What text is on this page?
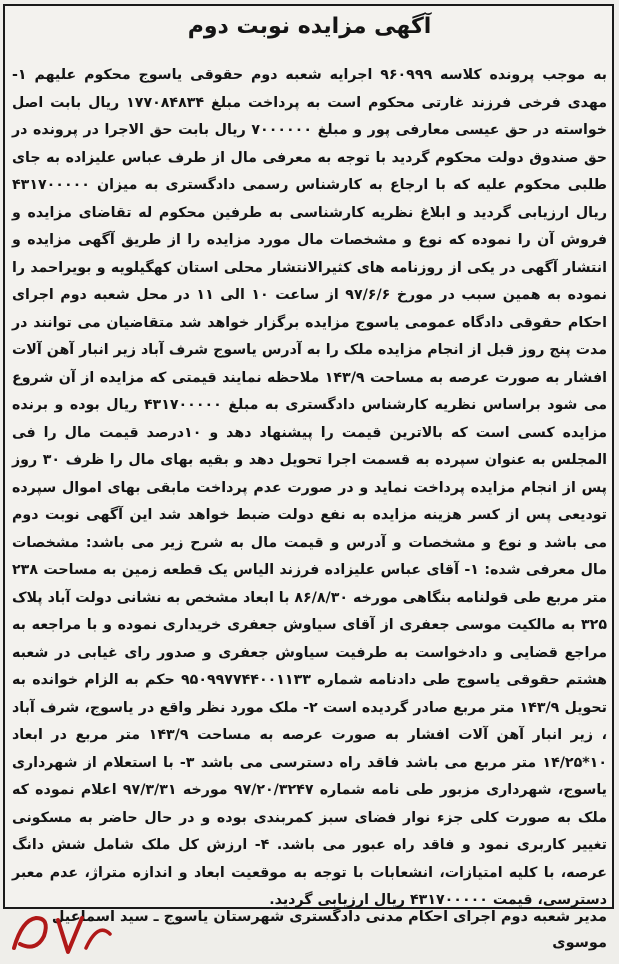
آگهی مزایده نوبت دوم
به موجب پرونده کلاسه ۹۶۰۹۹۹ اجرایه شعبه دوم حقوقی یاسوج محکوم علیهم ۱- مهدی فرخی فرزند غارتی محکوم است به پرداخت مبلغ ۱۷۷۰۸۴۸۳۴ ریال بابت اصل خواسته در حق عیسی معارفی پور و مبلغ ۷۰۰۰۰۰۰ ریال بابت حق الاجرا در پرونده در حق صندوق دولت محکوم گردید با توجه به معرفی مال از طرف عباس علیزاده به جای طلبی محکوم علیه که با ارجاع به کارشناس رسمی دادگستری به میزان ۴۳۱۷۰۰۰۰۰ ریال ارزیابی گردید و ابلاغ نظریه کارشناسی به طرفین محکوم له تقاضای مزایده و فروش آن را نموده که نوع و مشخصات مال مورد مزایده را از طریق آگهی مزایده و انتشار آگهی در یکی از روزنامه های کثیرالانتشار محلی استان کهگیلویه و بویراحمد را نموده به همین سبب در مورخ ۹۷/۶/۶ از ساعت ۱۰ الی ۱۱ در محل شعبه دوم اجرای احکام حقوقی دادگاه عمومی یاسوج مزایده برگزار خواهد شد متقاضیان می توانند در مدت پنج روز قبل از انجام مزایده ملک را به آدرس یاسوج شرف آباد زیر انبار آهن آلات افشار به صورت عرصه به مساحت ۱۴۳/۹ ملاحظه نمایند قیمتی که مزایده از آن شروع می شود براساس نظریه کارشناس دادگستری به مبلغ ۴۳۱۷۰۰۰۰۰ ریال بوده و برنده مزایده کسی است که بالاترین قیمت را پیشنهاد دهد و ۱۰درصد قیمت مال را فی المجلس به عنوان سپرده به قسمت اجرا تحویل دهد و بقیه بهای مال را ظرف ۳۰ روز پس از انجام مزایده پرداخت نماید و در صورت عدم پرداخت مابقی بهای اموال سپرده تودیعی پس از کسر هزینه مزایده به نفع دولت ضبط خواهد شد این آگهی نوبت دوم می باشد و نوع و مشخصات و آدرس و قیمت مال به شرح زیر می باشد: مشخصات مال معرفی شده: ۱- آقای عباس علیزاده فرزند الیاس یک قطعه زمین به مساحت ۲۳۸ متر مربع طی قولنامه بنگاهی مورخه ۸۶/۸/۳۰ با ابعاد مشخص به نشانی دولت آباد پلاک ۳۲۵ به مالکیت موسی جعفری از آقای سیاوش جعفری خریداری نموده و با مراجعه به مراجع قضایی و دادخواست به طرفیت سیاوش جعفری و صدور رای غیابی در شعبه هشتم حقوقی یاسوج طی دادنامه شماره ۹۵۰۹۹۷۷۴۴۰۰۱۱۳۳ حکم به الزام خوانده به تحویل ۱۴۳/۹ متر مربع صادر گردیده است ۲- ملک مورد نظر واقع در یاسوج، شرف آباد ، زیر انبار آهن آلات افشار به صورت عرصه به مساحت ۱۴۳/۹ متر مربع در ابعاد ۱۰*۱۴/۲۵ متر مربع می باشد فاقد راه دسترسی می باشد ۳- با استعلام از شهرداری یاسوج، شهرداری مزبور طی نامه شماره ۹۷/۲۰/۳۲۴۷ مورخه ۹۷/۳/۳۱ اعلام نموده که ملک به صورت کلی جزء نوار فضای سبز کمربندی بوده و در حال حاضر به مسکونی تغییر کاربری نمود و فاقد راه عبور می باشد. ۴- ارزش کل ملک شامل شش دانگ عرصه، با کلیه امتیازات، انشعابات با توجه به موقعیت ابعاد و اندازه متراژ، عدم معبر دسترسی، قیمت ۴۳۱۷۰۰۰۰۰ ریال ارزیابی گردید.
مدیر شعبه دوم اجرای احکام مدنی دادگستری شهرستان یاسوج ـ سید اسماعیل موسوی
